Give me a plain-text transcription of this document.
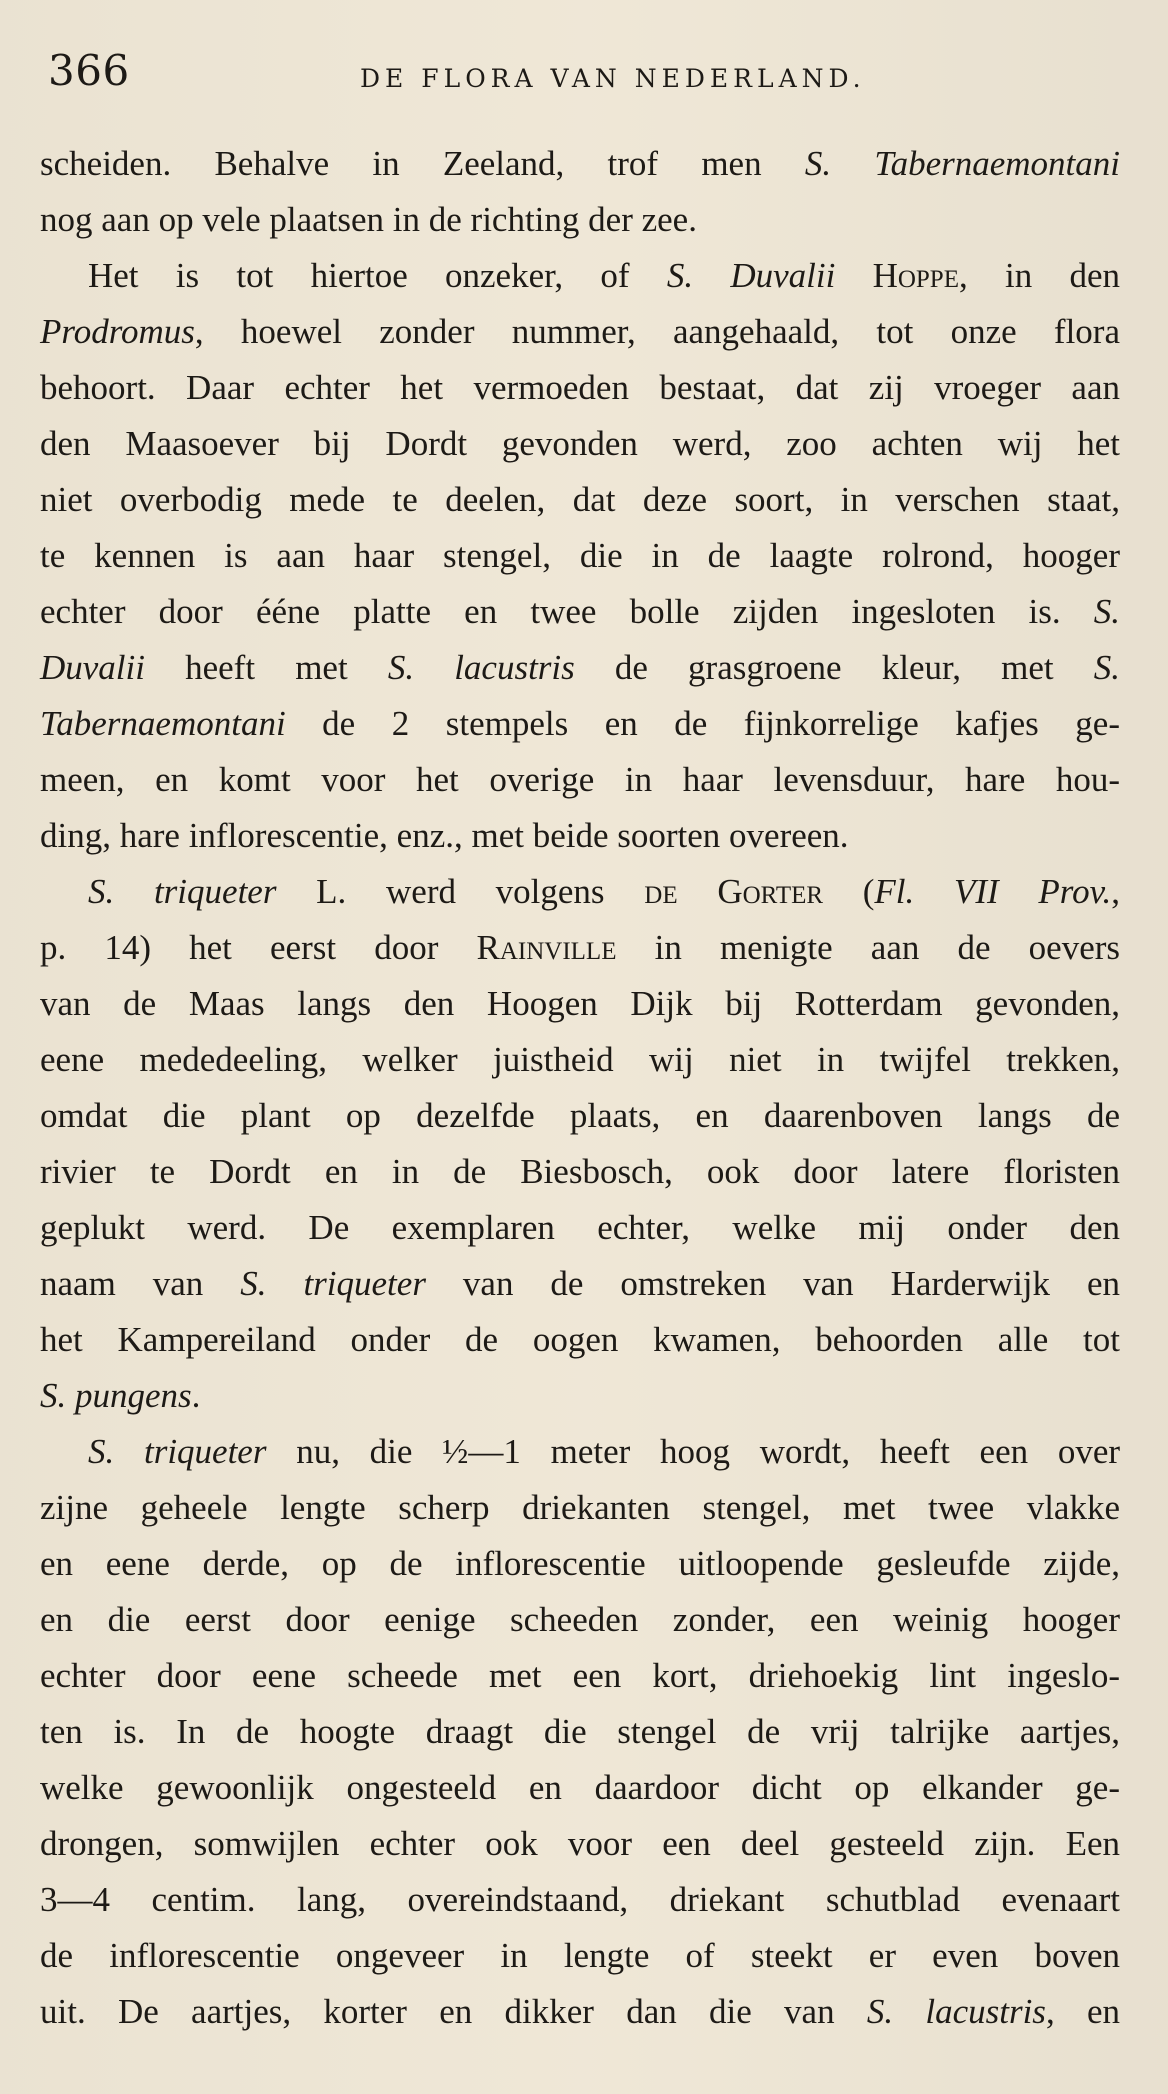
366	DE FLORA VAN NEDERLAND.
scheiden. Behalve in Zeeland, trof men S. Tabernaemontani
nog aan op vele plaatsen in de richting der zee.
Het is tot hiertoe onzeker, of S. Duvalii Hoppe, in den
Prodromus, hoewel zonder nummer, aangehaald, tot onze flora
behoort. Daar echter het vermoeden bestaat, dat zij vroeger aan
den Maasoever bij Dordt gevonden werd, zoo achten wij het
niet overbodig mede te deelen, dat deze soort, in verschen staat,
te kennen is aan haar stengel, die in de laagte rolrond, hooger
echter door ééne platte en twee bolle zijden ingesloten is. S.
Duvalii heeft met S. lacustris de grasgroene kleur, met S.
Tabernaemontani de 2 stempels en de fijnkorrelige kafjes ge-
meen, en komt voor het overige in haar levensduur, hare hou-
ding, hare inflorescentie, enz., met beide soorten overeen.
S. triqueter L. werd volgens de Gorter (Fl. VII Prov.,
p. 14) het eerst door Rainville in menigte aan de oevers
van de Maas langs den Hoogen Dijk bij Rotterdam gevonden,
eene mededeeling, welker juistheid wij niet in twijfel trekken,
omdat die plant op dezelfde plaats, en daarenboven langs de
rivier te Dordt en in de Biesbosch, ook door latere floristen
geplukt werd. De exemplaren echter, welke mij onder den
naam van S. triqueter van de omstreken van Harderwijk en
het Kampereiland onder de oogen kwamen, behoorden alle tot
S. pungens.
S. triqueter nu, die ½—1 meter hoog wordt, heeft een over
zijne geheele lengte scherp driekanten stengel, met twee vlakke
en eene derde, op de inflorescentie uitloopende gesleufde zijde,
en die eerst door eenige scheeden zonder, een weinig hooger
echter door eene scheede met een kort, driehoekig lint ingeslo-
ten is. In de hoogte draagt die stengel de vrij talrijke aartjes,
welke gewoonlijk ongesteeld en daardoor dicht op elkander ge-
drongen, somwijlen echter ook voor een deel gesteeld zijn. Een
3—4 centim. lang, overeindstaand, driekant schutblad evenaart
de inflorescentie ongeveer in lengte of steekt er even boven
uit. De aartjes, korter en dikker dan die van S. lacustris, en
